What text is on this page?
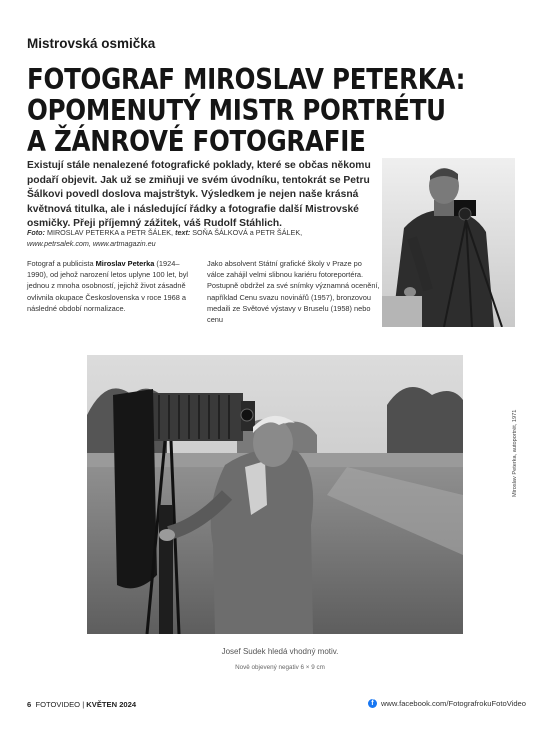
Mistrovská osmička
FOTOGRAF MIROSLAV PETERKA:
OPOMENUTÝ MISTR PORTRÉTU
A ŽÁNROVÉ FOTOGRAFIE
Existují stále nenalezené fotografické poklady, které se občas někomu podaří objevit. Jak už se zmiňuji ve svém úvodníku, tentokrát se Petru Šálkovi povedl doslova majstrštyk. Výsledkem je nejen naše krásná květnová titulka, ale i následující řádky a fotografie další Mistrovské osmičky. Přeji příjemný zážitek, váš Rudolf Stáhlich.
Foto: MIROSLAV PETERKA a PETR ŠÁLEK, text: SOŇA ŠÁLKOVÁ a PETR ŠÁLEK,
www.petrsalek.com, www.artmagazin.eu
Fotograf a publicista Miroslav Peterka (1924–1990), od jehož narození letos uplyne 100 let, byl jednou z mnoha osobností, jejichž život zásadně ovlivnila okupace Československa v roce 1968 a následné období normalizace.
Jako absolvent Státní grafické školy v Praze po válce zahájil velmi slibnou kariéru fotoreportéra. Postupně obdržel za své snímky významná ocenění, například Cenu svazu novinářů (1957), bronzovou medaili ze Světové výstavy v Bruselu (1958) nebo cenu
Miroslav Peterka, autoportrét, 1971
Josef Sudek hledá vhodný motiv.
Nově objevený negativ 6 × 9 cm
6 FOTOVIDEO | KVĚTEN 2024	f www.facebook.com/FotografrokuFotoVideo
